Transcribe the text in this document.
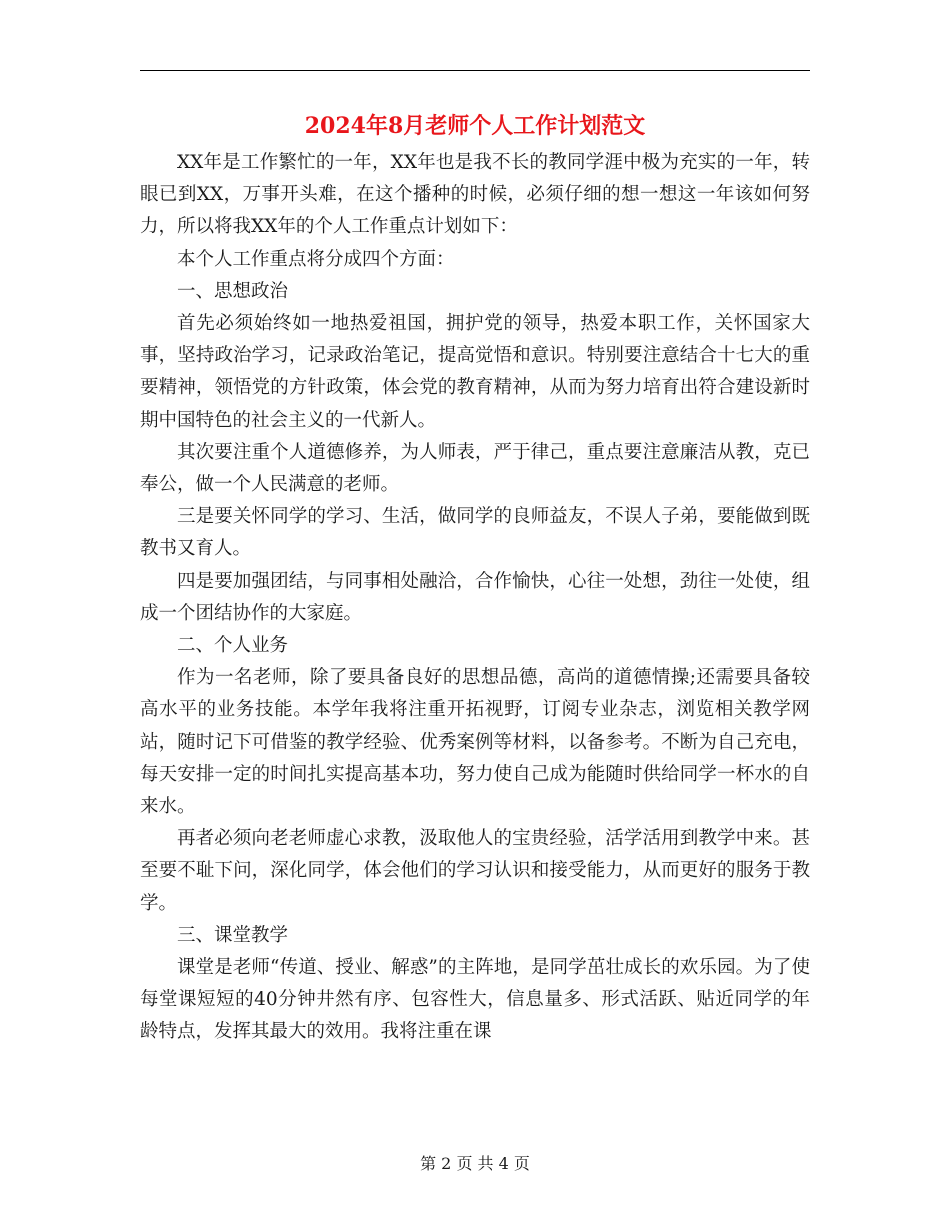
2024年8月老师个人工作计划范文

XX年是工作繁忙的一年，XX年也是我不长的教同学涯中极为充实的一年，转眼已到XX，万事开头难，在这个播种的时候，必须仔细的想一想这一年该如何努力，所以将我XX年的个人工作重点计划如下：

本个人工作重点将分成四个方面：

一、思想政治

首先必须始终如一地热爱祖国，拥护党的领导，热爱本职工作，关怀国家大事，坚持政治学习，记录政治笔记，提高觉悟和意识。特别要注意结合十七大的重要精神，领悟党的方针政策，体会党的教育精神，从而为努力培育出符合建设新时期中国特色的社会主义的一代新人。

其次要注重个人道德修养，为人师表，严于律己，重点要注意廉洁从教，克已奉公，做一个人民满意的老师。

三是要关怀同学的学习、生活，做同学的良师益友，不误人子弟，要能做到既教书又育人。

四是要加强团结，与同事相处融洽，合作愉快，心往一处想，劲往一处使，组成一个团结协作的大家庭。

二、个人业务

作为一名老师，除了要具备良好的思想品德，高尚的道德情操;还需要具备较高水平的业务技能。本学年我将注重开拓视野，订阅专业杂志，浏览相关教学网站，随时记下可借鉴的教学经验、优秀案例等材料，以备参考。不断为自己充电，每天安排一定的时间扎实提高基本功，努力使自己成为能随时供给同学一杯水的自来水。

再者必须向老老师虚心求教，汲取他人的宝贵经验，活学活用到教学中来。甚至要不耻下问，深化同学，体会他们的学习认识和接受能力，从而更好的服务于教学。

三、课堂教学

课堂是老师“传道、授业、解惑”的主阵地，是同学茁壮成长的欢乐园。为了使每堂课短短的40分钟井然有序、包容性大，信息量多、形式活跃、贴近同学的年龄特点，发挥其最大的效用。我将注重在课

第 2 页 共 4 页
